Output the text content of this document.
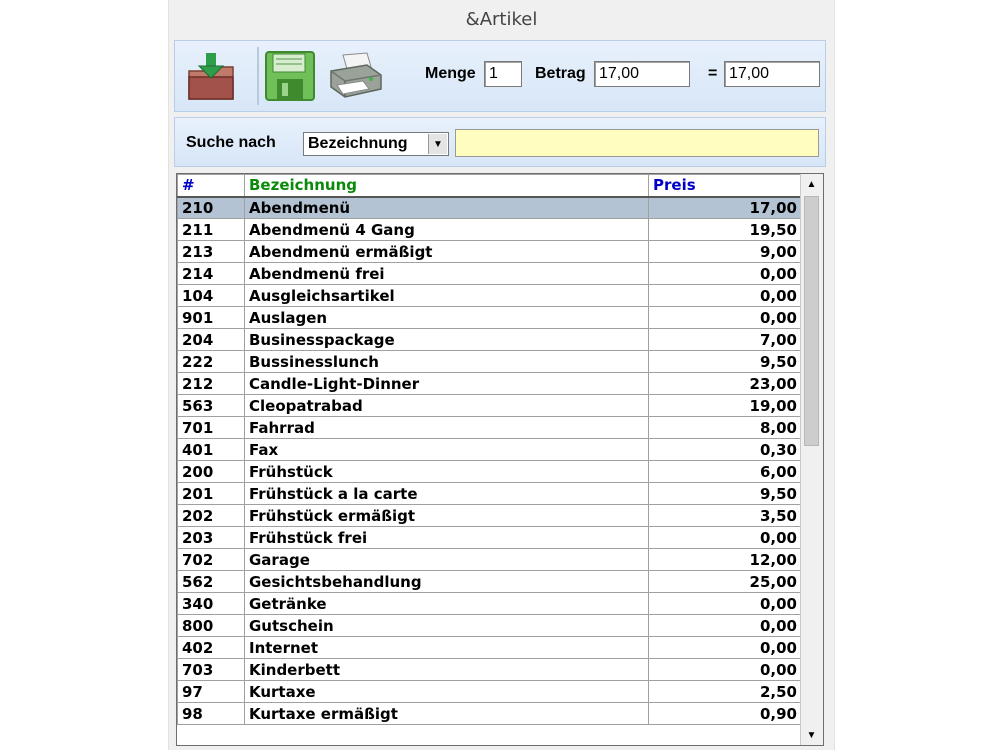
&Artikel
Menge 1	Betrag 17,00	= 17,00
Suche nach	Bezeichnung	▼
#	Bezeichnung	Preis
210	Abendmenü	17,00
211	Abendmenü 4 Gang	19,50
213	Abendmenü ermäßigt	9,00
214	Abendmenü frei	0,00
104	Ausgleichsartikel	0,00
901	Auslagen	0,00
204	Businesspackage	7,00
222	Bussinesslunch	9,50
212	Candle-Light-Dinner	23,00
563	Cleopatrabad	19,00
701	Fahrrad	8,00
401	Fax	0,30
200	Frühstück	6,00
201	Frühstück a la carte	9,50
202	Frühstück ermäßigt	3,50
203	Frühstück frei	0,00
702	Garage	12,00
562	Gesichtsbehandlung	25,00
340	Getränke	0,00
800	Gutschein	0,00
402	Internet	0,00
703	Kinderbett	0,00
97	Kurtaxe	2,50
98	Kurtaxe ermäßigt	0,90
▲
▼
